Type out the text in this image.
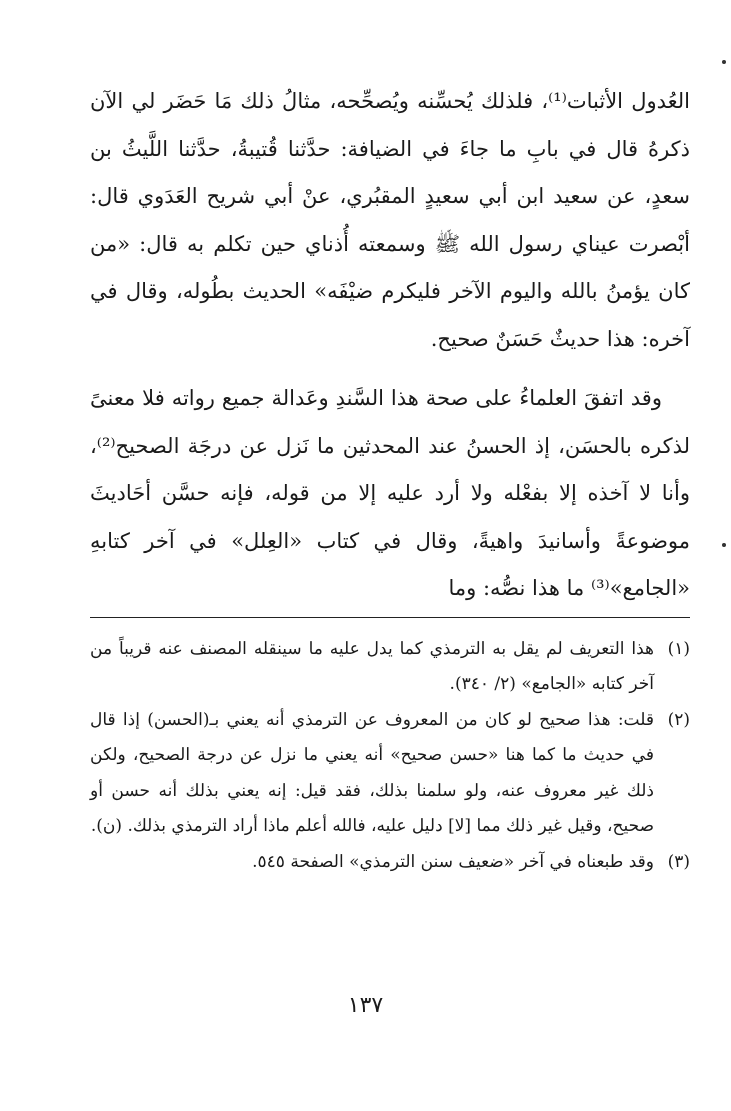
العُدول الأثبات⁽¹⁾، فلذلك يُحسِّنه ويُصحِّحه، مثالُ ذلك مَا حَضَر لي الآن ذكرهُ قال في بابِ ما جاءَ في الضيافة: حدَّثنا قُتيبةُ، حدَّثنا اللَّيثُ بن سعدٍ، عن سعيد ابن أبي سعيدٍ المقبُري، عنْ أبي شريح العَدَوي قال: أبْصرت عيناي رسول الله ﷺ وسمعته أُذناي حين تكلم به قال: «من كان يؤمنُ بالله واليوم الآخر فليكرم ضيْفَه» الحديث بطُوله، وقال في آخره: هذا حديثٌ حَسَنٌ صحيح.

وقد اتفقَ العلماءُ على صحة هذا السَّندِ وعَدالة جميع رواته فلا معنىً لذكره بالحسَن، إذ الحسنُ عند المحدثين ما نَزل عن درجَة الصحيح⁽²⁾، وأنا لا آخذه إلا بفعْله ولا أرد عليه إلا من قوله، فإنه حسَّن أحَاديثَ موضوعةً وأسانيدَ واهيةً، وقال في كتاب «العِلل» في آخر كتابهِ «الجامع»⁽³⁾ ما هذا نصُّه: وما

(١)
هذا التعريف لم يقل به الترمذي كما يدل عليه ما سينقله المصنف عنه قريباً من آخر كتابه «الجامع» (٢/ ٣٤٠).
(٢)
قلت: هذا صحيح لو كان من المعروف عن الترمذي أنه يعني بـ(الحسن) إذا قال في حديث ما كما هنا «حسن صحيح» أنه يعني ما نزل عن درجة الصحيح، ولكن ذلك غير معروف عنه، ولو سلمنا بذلك، فقد قيل: إنه يعني بذلك أنه حسن أو صحيح، وقيل غير ذلك مما [لا] دليل عليه، فالله أعلم ماذا أراد الترمذي بذلك. (ن).
(٣)
وقد طبعناه في آخر «ضعيف سنن الترمذي» الصفحة ٥٤٥.
١٣٧
